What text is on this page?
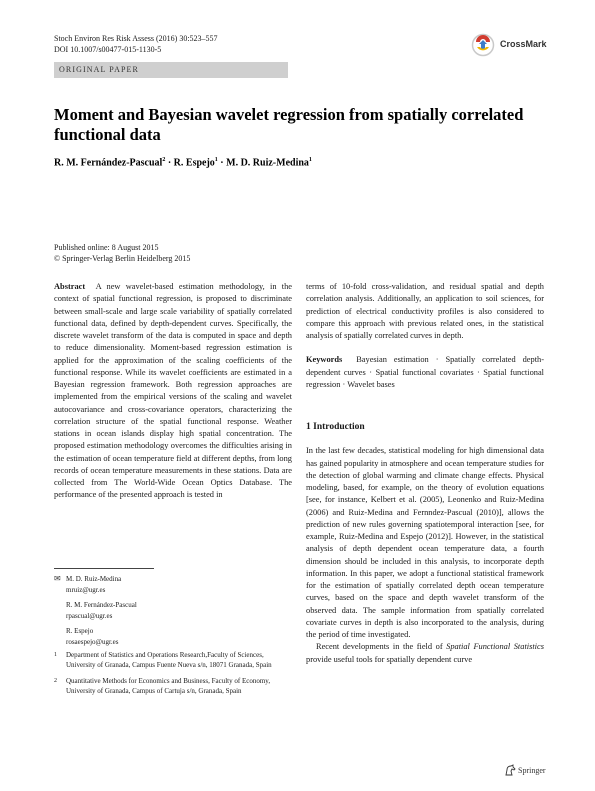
Stoch Environ Res Risk Assess (2016) 30:523–557
DOI 10.1007/s00477-015-1130-5
CrossMark
ORIGINAL PAPER
Moment and Bayesian wavelet regression from spatially correlated functional data
R. M. Fernández-Pascual$^2$ · R. Espejo$^1$ · M. D. Ruiz-Medina$^1$
Published online: 8 August 2015
© Springer-Verlag Berlin Heidelberg 2015

Abstract A new wavelet-based estimation methodology, in the context of spatial functional regression, is proposed to discriminate between small-scale and large scale variability of spatially correlated functional data, defined by depth-dependent curves. Specifically, the discrete wavelet transform of the data is computed in space and depth to reduce dimensionality. Moment-based regression estimation is applied for the approximation of the scaling coefficients of the functional response. While its wavelet coefficients are estimated in a Bayesian regression framework. Both regression approaches are implemented from the empirical versions of the scaling and wavelet autocovariance and cross-covariance operators, characterizing the correlation structure of the spatial functional response. Weather stations in ocean islands display high spatial concentration. The proposed estimation methodology overcomes the difficulties arising in the estimation of ocean temperature field at different depths, from long records of ocean temperature measurements in these stations. Data are collected from The World-Wide Ocean Optics Database. The performance of the presented approach is tested in

✉ M. D. Ruiz-Medina
mruiz@ugr.es
R. M. Fernández-Pascual
rpascual@ugr.es
R. Espejo
rosaespejo@ugr.es
1	Department of Statistics and Operations Research,Faculty of Sciences, University of Granada, Campus Fuente Nueva s/n, 18071 Granada, Spain
2	Quantitative Methods for Economics and Business, Faculty of Economy, University of Granada, Campus of Cartuja s/n, Granada, Spain

terms of 10-fold cross-validation, and residual spatial and depth correlation analysis. Additionally, an application to soil sciences, for prediction of electrical conductivity profiles is also considered to compare this approach with previous related ones, in the statistical analysis of spatially correlated curves in depth.

Keywords Bayesian estimation · Spatially correlated depth-dependent curves · Spatial functional covariates · Spatial functional regression · Wavelet bases

1 Introduction

In the last few decades, statistical modeling for high dimensional data has gained popularity in atmosphere and ocean temperature studies for the detection of global warming and climate change effects. Physical modeling, based, for example, on the theory of evolution equations [see, for instance, Kelbert et al. (2005), Leonenko and Ruiz-Medina (2006) and Ruiz-Medina and Fernndez-Pascual (2010)], allows the prediction of new rules governing spatiotemporal interaction [see, for example, Ruiz-Medina and Espejo (2012)]. However, in the statistical analysis of depth dependent ocean temperature data, a fourth dimension should be included in this analysis, to incorporate depth information. In this paper, we adopt a functional statistical framework for the estimation of spatially correlated depth ocean temperature curves, based on the space and depth wavelet transform of the observed data. The sample information from spatially correlated covariate curves in depth is also incorporated to the analysis, during the period of time investigated.

Recent developments in the field of Spatial Functional Statistics provide useful tools for spatially dependent curve

Springer
